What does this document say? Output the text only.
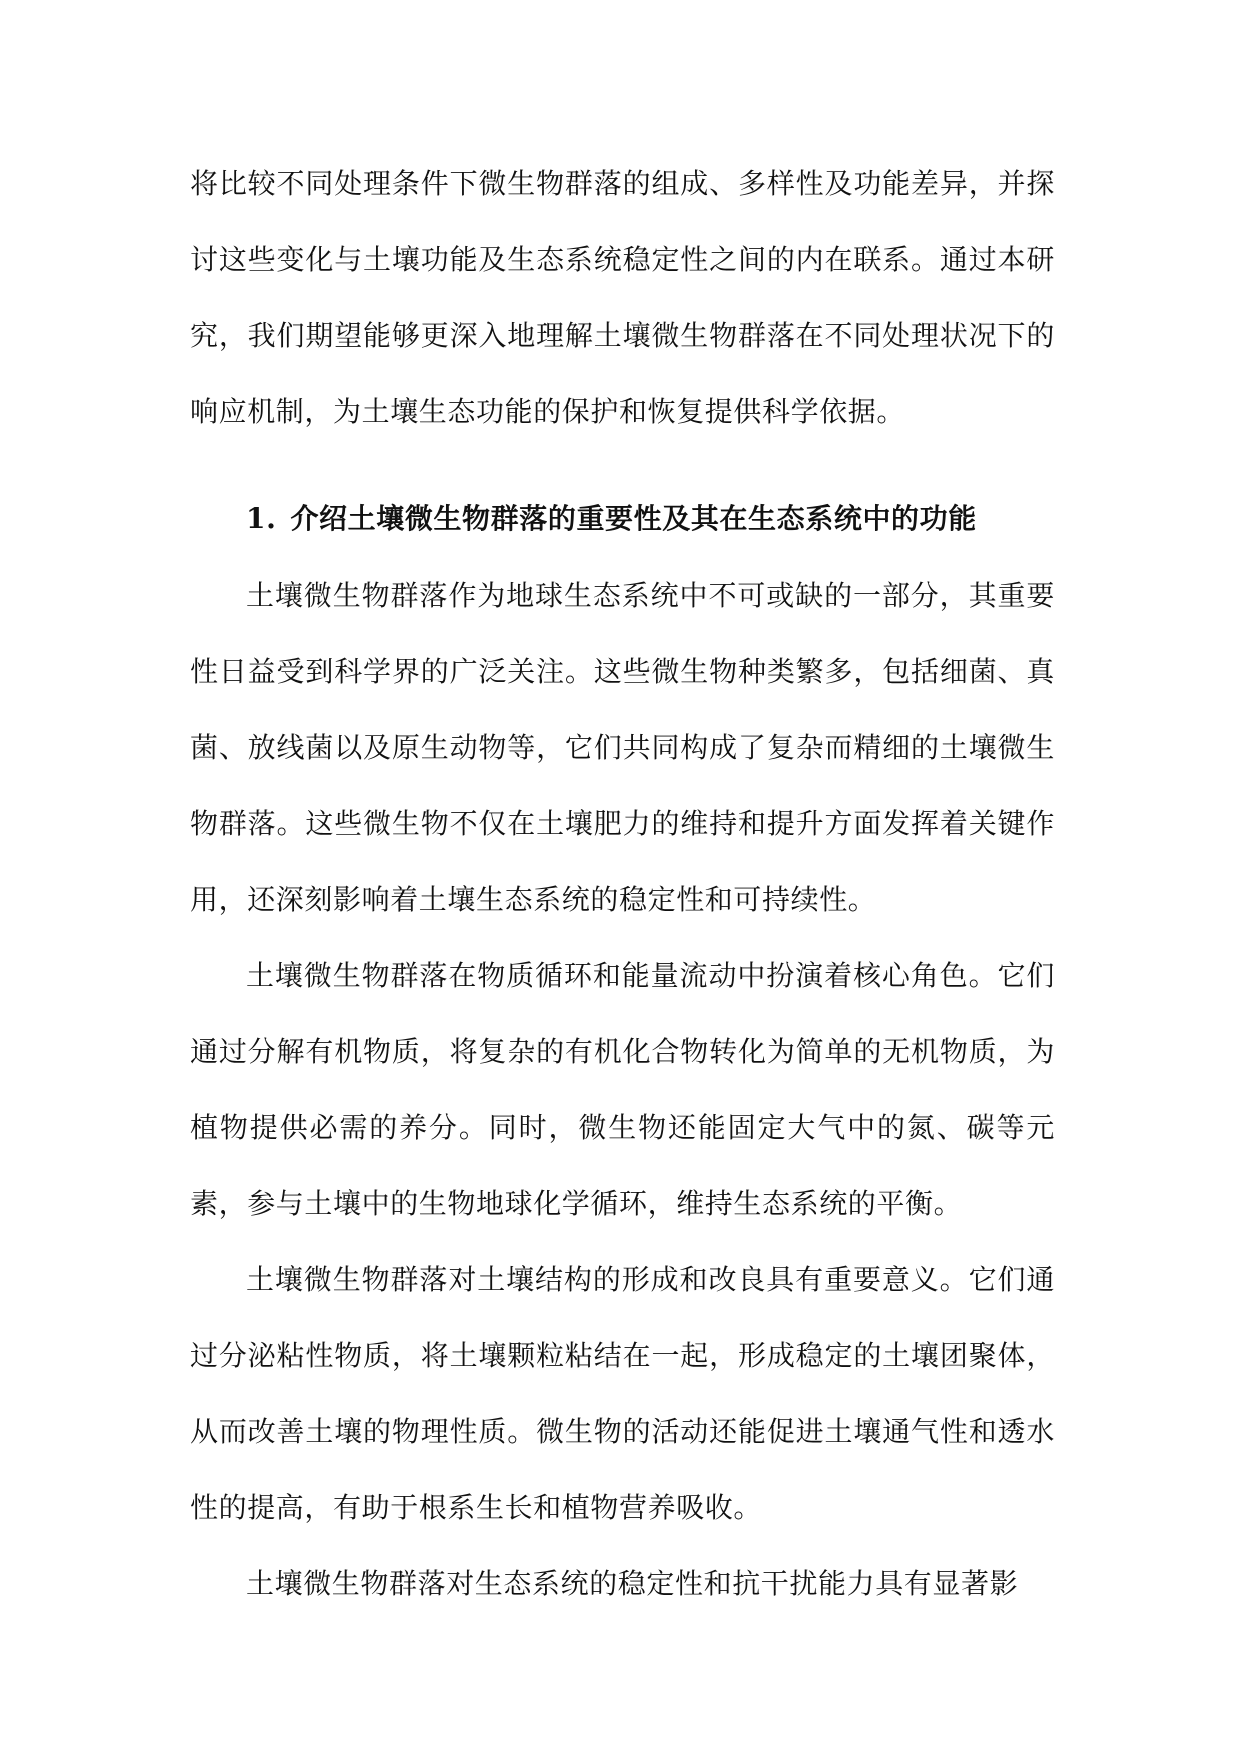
将比较不同处理条件下微生物群落的组成、多样性及功能差异，并探讨这些变化与土壤功能及生态系统稳定性之间的内在联系。通过本研究，我们期望能够更深入地理解土壤微生物群落在不同处理状况下的响应机制，为土壤生态功能的保护和恢复提供科学依据。

1. 介绍土壤微生物群落的重要性及其在生态系统中的功能

土壤微生物群落作为地球生态系统中不可或缺的一部分，其重要性日益受到科学界的广泛关注。这些微生物种类繁多，包括细菌、真菌、放线菌以及原生动物等，它们共同构成了复杂而精细的土壤微生物群落。这些微生物不仅在土壤肥力的维持和提升方面发挥着关键作用，还深刻影响着土壤生态系统的稳定性和可持续性。

土壤微生物群落在物质循环和能量流动中扮演着核心角色。它们通过分解有机物质，将复杂的有机化合物转化为简单的无机物质，为植物提供必需的养分。同时，微生物还能固定大气中的氮、碳等元素，参与土壤中的生物地球化学循环，维持生态系统的平衡。

土壤微生物群落对土壤结构的形成和改良具有重要意义。它们通过分泌粘性物质，将土壤颗粒粘结在一起，形成稳定的土壤团聚体，从而改善土壤的物理性质。微生物的活动还能促进土壤通气性和透水性的提高，有助于根系生长和植物营养吸收。

土壤微生物群落对生态系统的稳定性和抗干扰能力具有显著影
